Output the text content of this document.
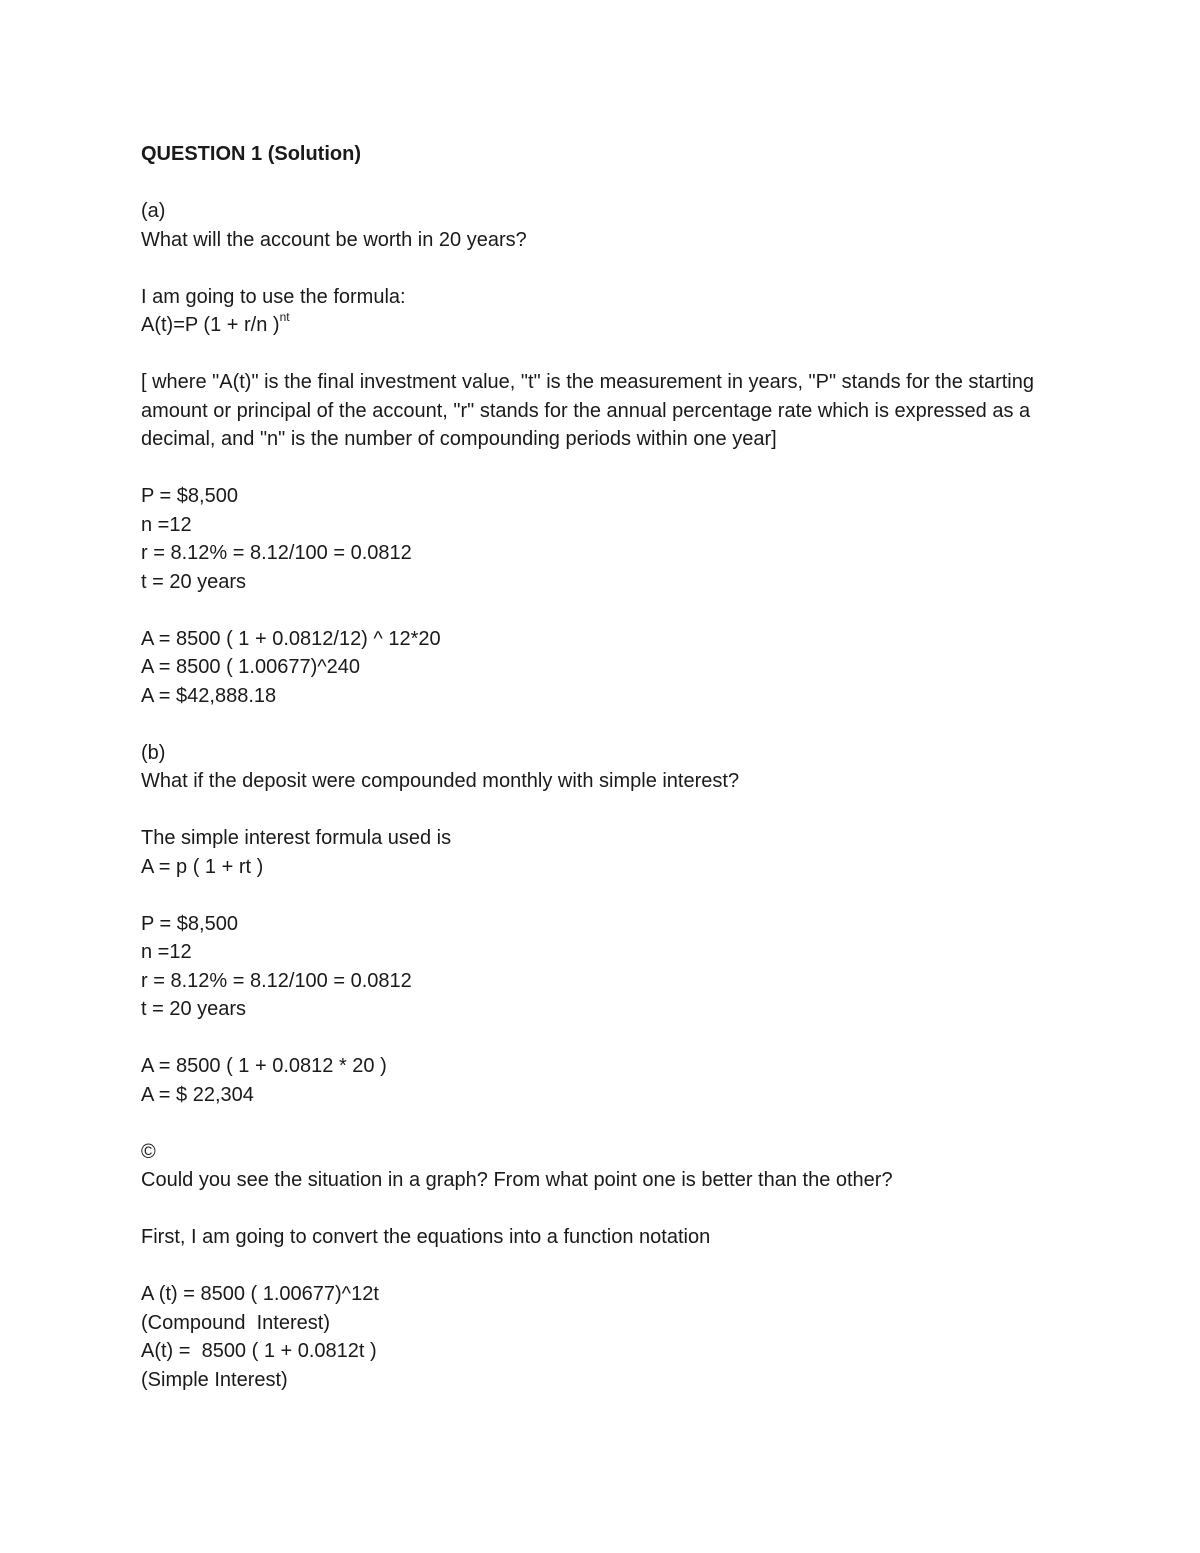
QUESTION 1 (Solution)
(a)
What will the account be worth in 20 years?
I am going to use the formula:
A(t)=P (1 + r/n )$^{nt}$
[ where "A(t)" is the final investment value, "t" is the measurement in years, "P" stands for the starting amount or principal of the account, "r" stands for the annual percentage rate which is expressed as a decimal, and "n" is the number of compounding periods within one year]
P = $8,500
n =12
r = 8.12% = 8.12/100 = 0.0812
t = 20 years
A = 8500 ( 1 + 0.0812/12) ^ 12*20
A = 8500 ( 1.00677)^240
A = $42,888.18
(b)
What if the deposit were compounded monthly with simple interest?
The simple interest formula used is
A = p ( 1 + rt )
P = $8,500
n =12
r = 8.12% = 8.12/100 = 0.0812
t = 20 years
A = 8500 ( 1 + 0.0812 * 20 )
A = $ 22,304
©
Could you see the situation in a graph? From what point one is better than the other?
First, I am going to convert the equations into a function notation
A (t) = 8500 ( 1.00677)^12t
(Compound  Interest)
A(t) =  8500 ( 1 + 0.0812t )
(Simple Interest)
